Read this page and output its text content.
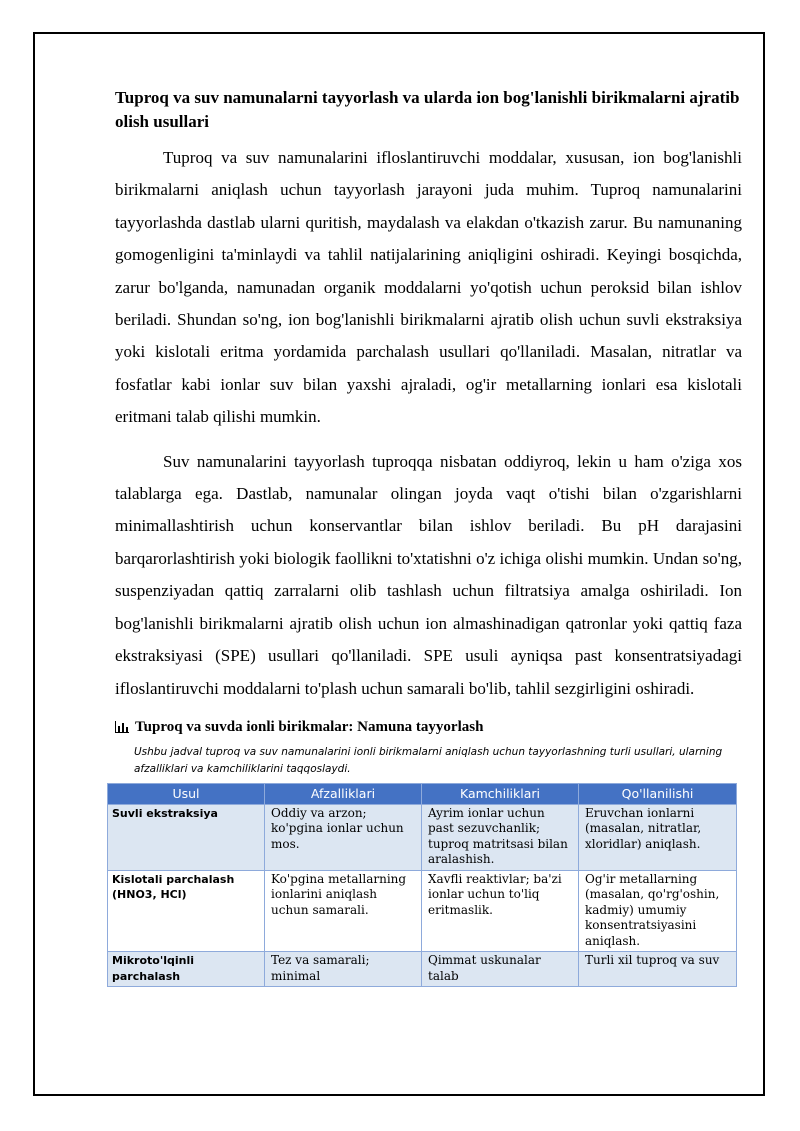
Tuproq va suv namunalarni tayyorlash va ularda ion bog'lanishli birikmalarni ajratib olish usullari

Tuproq va suv namunalarini ifloslantiruvchi moddalar, xususan, ion bog'lanishli birikmalarni aniqlash uchun tayyorlash jarayoni juda muhim. Tuproq namunalarini tayyorlashda dastlab ularni quritish, maydalash va elakdan o'tkazish zarur. Bu namunaning gomogenligini ta'minlaydi va tahlil natijalarining aniqligini oshiradi. Keyingi bosqichda, zarur bo'lganda, namunadan organik moddalarni yo'qotish uchun peroksid bilan ishlov beriladi. Shundan so'ng, ion bog'lanishli birikmalarni ajratib olish uchun suvli ekstraksiya yoki kislotali eritma yordamida parchalash usullari qo'llaniladi. Masalan, nitratlar va fosfatlar kabi ionlar suv bilan yaxshi ajraladi, og'ir metallarning ionlari esa kislotali eritmani talab qilishi mumkin.

Suv namunalarini tayyorlash tuproqqa nisbatan oddiyroq, lekin u ham o'ziga xos talablarga ega. Dastlab, namunalar olingan joyda vaqt o'tishi bilan o'zgarishlarni minimallashtirish uchun konservantlar bilan ishlov beriladi. Bu pH darajasini barqarorlashtirish yoki biologik faollikni to'xtatishni o'z ichiga olishi mumkin. Undan so'ng, suspenziyadan qattiq zarralarni olib tashlash uchun filtratsiya amalga oshiriladi. Ion bog'lanishli birikmalarni ajratib olish uchun ion almashinadigan qatronlar yoki qattiq faza ekstraksiyasi (SPE) usullari qo'llaniladi. SPE usuli ayniqsa past konsentratsiyadagi ifloslantiruvchi moddalarni to'plash uchun samarali bo'lib, tahlil sezgirligini oshiradi.

Tuproq va suvda ionli birikmalar: Namuna tayyorlash
Ushbu jadval tuproq va suv namunalarini ionli birikmalarni aniqlash uchun tayyorlashning turli usullari, ularning afzalliklari va kamchiliklarini taqqoslaydi.
Usul	Afzalliklari	Kamchiliklari	Qo'llanilishi
Suvli ekstraksiya	Oddiy va arzon; ko'pgina ionlar uchun mos.	Ayrim ionlar uchun past sezuvchanlik; tuproq matritsasi bilan aralashish.	Eruvchan ionlarni (masalan, nitratlar, xloridlar) aniqlash.
Kislotali parchalash (HNO3, HCl)	Ko'pgina metallarning ionlarini aniqlash uchun samarali.	Xavfli reaktivlar; ba'zi ionlar uchun to'liq eritmaslik.	Og'ir metallarning (masalan, qo'rg'oshin, kadmiy) umumiy konsentratsiyasini aniqlash.
Mikroto'lqinli parchalash	Tez va samarali; minimal	Qimmat uskunalar talab	Turli xil tuproq va suv
